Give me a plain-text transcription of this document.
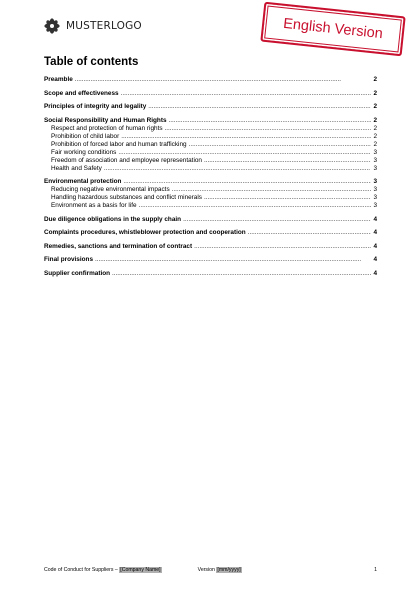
MUSTERLOGO	English Version
Table of contents
Preamble . . .	2
Scope and effectiveness . . .	2
Principles of integrity and legality . . .	2
Social Responsibility and Human Rights . . .	2
Respect and protection of human rights . . .	2
Prohibition of child labor . . .	2
Prohibition of forced labor and human trafficking . . .	2
Fair working conditions . . .	3
Freedom of association and employee representation . . .	3
Health and Safety . . .	3
Environmental protection . . .	3
Reducing negative environmental impacts . . .	3
Handling hazardous substances and conflict minerals . . .	3
Environment as a basis for life . . .	3
Due diligence obligations in the supply chain . . .	4
Complaints procedures, whistleblower protection and cooperation . . .	4
Remedies, sanctions and termination of contract . . .	4
Final provisions . . .	4
Supplier confirmation . . .	4
Code of Conduct for Suppliers – [Company Name]	Version [mm/yyyy]	1
